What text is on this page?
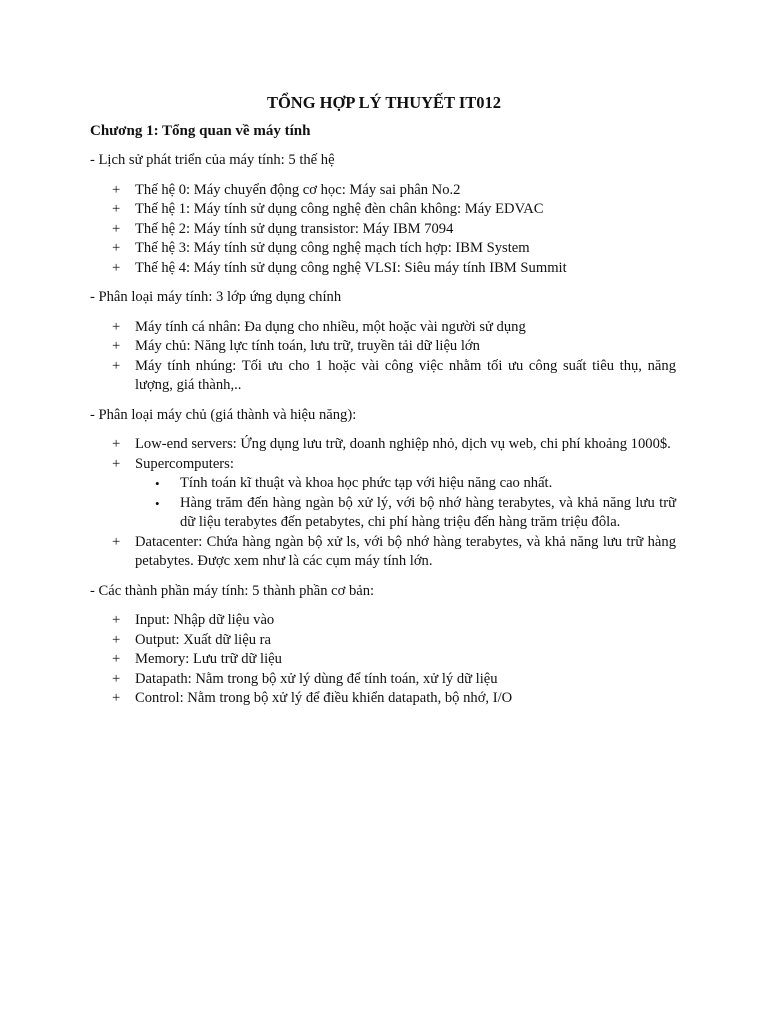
TỔNG HỢP LÝ THUYẾT IT012
Chương 1: Tổng quan về máy tính
- Lịch sử phát triển của máy tính: 5 thế hệ
+ Thế hệ 0: Máy chuyển động cơ học: Máy sai phân No.2
+ Thế hệ 1: Máy tính sử dụng công nghệ đèn chân không: Máy EDVAC
+ Thế hệ 2: Máy tính sử dụng transistor: Máy IBM 7094
+ Thế hệ 3: Máy tính sử dụng công nghệ mạch tích hợp: IBM System
+ Thế hệ 4: Máy tính sử dụng công nghệ VLSI: Siêu máy tính IBM Summit
- Phân loại máy tính: 3 lớp ứng dụng chính
+ Máy tính cá nhân: Đa dụng cho nhiều, một hoặc vài người sử dụng
+ Máy chủ: Năng lực tính toán, lưu trữ, truyền tải dữ liệu lớn
+ Máy tính nhúng: Tối ưu cho 1 hoặc vài công việc nhằm tối ưu công suất tiêu thụ, năng lượng, giá thành,..
- Phân loại máy chủ (giá thành và hiệu năng):
+ Low-end servers: Ứng dụng lưu trữ, doanh nghiệp nhỏ, dịch vụ web, chi phí khoảng 1000$.
+ Supercomputers:
• Tính toán kĩ thuật và khoa học phức tạp với hiệu năng cao nhất.
• Hàng trăm đến hàng ngàn bộ xử lý, với bộ nhớ hàng terabytes, và khả năng lưu trữ dữ liệu terabytes đến petabytes, chi phí hàng triệu đến hàng trăm triệu đôla.
+ Datacenter: Chứa hàng ngàn bộ xử ls, với bộ nhớ hàng terabytes, và khả năng lưu trữ hàng petabytes. Được xem như là các cụm máy tính lớn.
- Các thành phần máy tính: 5 thành phần cơ bản:
+ Input: Nhập dữ liệu vào
+ Output: Xuất dữ liệu ra
+ Memory: Lưu trữ dữ liệu
+ Datapath: Nằm trong bộ xử lý dùng để tính toán, xử lý dữ liệu
+ Control: Nằm trong bộ xử lý để điều khiển datapath, bộ nhớ, I/O
